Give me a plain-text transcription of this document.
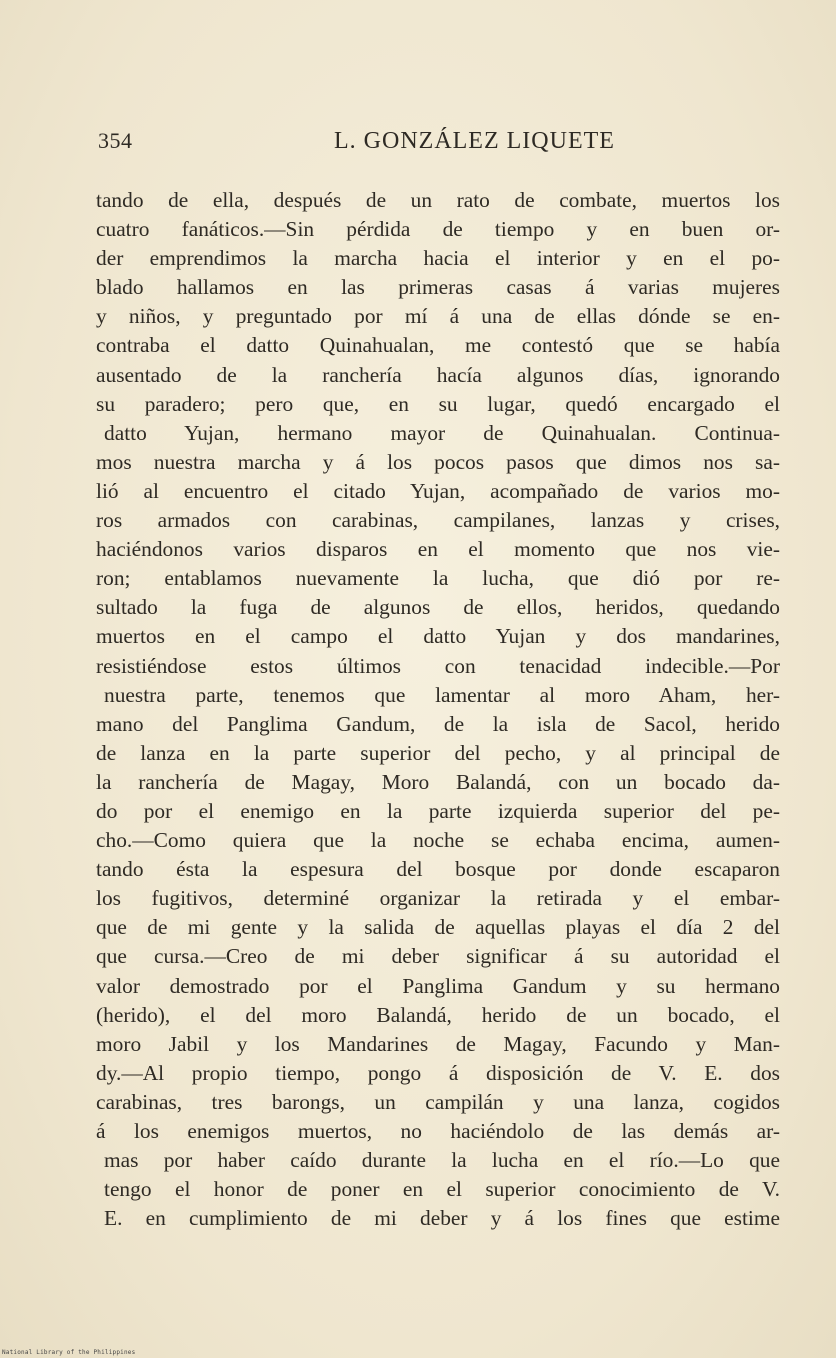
354	L. GONZÁLEZ LIQUETE
tando de ella, después de un rato de combate, muertos los
cuatro fanáticos.—Sin pérdida de tiempo y en buen or-
der emprendimos la marcha hacia el interior y en el po-
blado hallamos en las primeras casas á varias mujeres
y niños, y preguntado por mí á una de ellas dónde se en-
contraba el datto Quinahualan, me contestó que se había
ausentado de la ranchería hacía algunos días, ignorando
su paradero; pero que, en su lugar, quedó encargado el
datto Yujan, hermano mayor de Quinahualan. Continua-
mos nuestra marcha y á los pocos pasos que dimos nos sa-
lió al encuentro el citado Yujan, acompañado de varios mo-
ros armados con carabinas, campilanes, lanzas y crises,
haciéndonos varios disparos en el momento que nos vie-
ron; entablamos nuevamente la lucha, que dió por re-
sultado la fuga de algunos de ellos, heridos, quedando
muertos en el campo el datto Yujan y dos mandarines,
resistiéndose estos últimos con tenacidad indecible.—Por
nuestra parte, tenemos que lamentar al moro Aham, her-
mano del Panglima Gandum, de la isla de Sacol, herido
de lanza en la parte superior del pecho, y al principal de
la ranchería de Magay, Moro Balandá, con un bocado da-
do por el enemigo en la parte izquierda superior del pe-
cho.—Como quiera que la noche se echaba encima, aumen-
tando ésta la espesura del bosque por donde escaparon
los fugitivos, determiné organizar la retirada y el embar-
que de mi gente y la salida de aquellas playas el día 2 del
que cursa.—Creo de mi deber significar á su autoridad el
valor demostrado por el Panglima Gandum y su hermano
(herido), el del moro Balandá, herido de un bocado, el
moro Jabil y los Mandarines de Magay, Facundo y Man-
dy.—Al propio tiempo, pongo á disposición de V. E. dos
carabinas, tres barongs, un campilán y una lanza, cogidos
á los enemigos muertos, no haciéndolo de las demás ar-
mas por haber caído durante la lucha en el río.—Lo que
tengo el honor de poner en el superior conocimiento de V.
E. en cumplimiento de mi deber y á los fines que estime
National Library of the Philippines
